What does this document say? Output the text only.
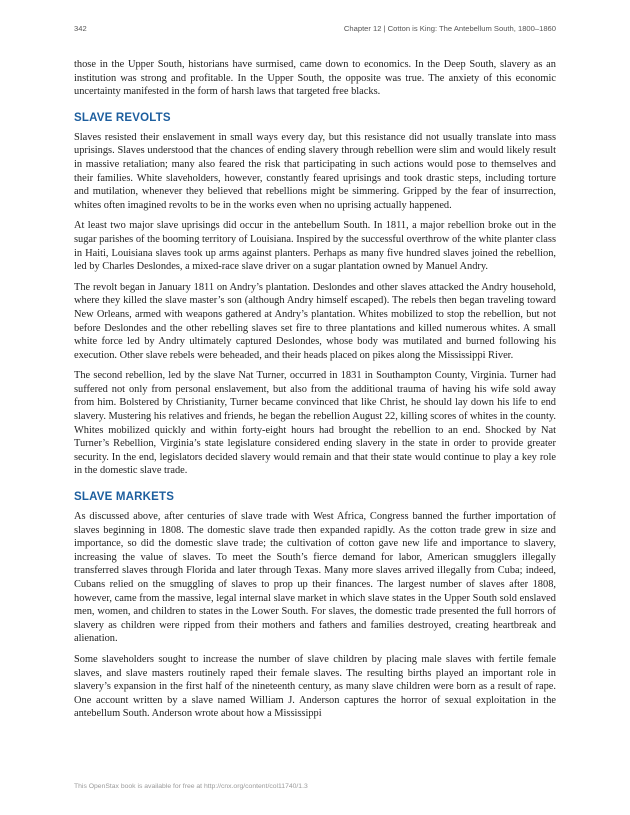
342	Chapter 12 | Cotton is King: The Antebellum South, 1800–1860

those in the Upper South, historians have surmised, came down to economics. In the Deep South, slavery as an institution was strong and profitable. In the Upper South, the opposite was true. The anxiety of this economic uncertainty manifested in the form of harsh laws that targeted free blacks.

SLAVE REVOLTS

Slaves resisted their enslavement in small ways every day, but this resistance did not usually translate into mass uprisings. Slaves understood that the chances of ending slavery through rebellion were slim and would likely result in massive retaliation; many also feared the risk that participating in such actions would pose to themselves and their families. White slaveholders, however, constantly feared uprisings and took drastic steps, including torture and mutilation, whenever they believed that rebellions might be simmering. Gripped by the fear of insurrection, whites often imagined revolts to be in the works even when no uprising actually happened.

At least two major slave uprisings did occur in the antebellum South. In 1811, a major rebellion broke out in the sugar parishes of the booming territory of Louisiana. Inspired by the successful overthrow of the white planter class in Haiti, Louisiana slaves took up arms against planters. Perhaps as many five hundred slaves joined the rebellion, led by Charles Deslondes, a mixed-race slave driver on a sugar plantation owned by Manuel Andry.

The revolt began in January 1811 on Andry’s plantation. Deslondes and other slaves attacked the Andry household, where they killed the slave master’s son (although Andry himself escaped). The rebels then began traveling toward New Orleans, armed with weapons gathered at Andry’s plantation. Whites mobilized to stop the rebellion, but not before Deslondes and the other rebelling slaves set fire to three plantations and killed numerous whites. A small white force led by Andry ultimately captured Deslondes, whose body was mutilated and burned following his execution. Other slave rebels were beheaded, and their heads placed on pikes along the Mississippi River.

The second rebellion, led by the slave Nat Turner, occurred in 1831 in Southampton County, Virginia. Turner had suffered not only from personal enslavement, but also from the additional trauma of having his wife sold away from him. Bolstered by Christianity, Turner became convinced that like Christ, he should lay down his life to end slavery. Mustering his relatives and friends, he began the rebellion August 22, killing scores of whites in the county. Whites mobilized quickly and within forty-eight hours had brought the rebellion to an end. Shocked by Nat Turner’s Rebellion, Virginia’s state legislature considered ending slavery in the state in order to provide greater security. In the end, legislators decided slavery would remain and that their state would continue to play a key role in the domestic slave trade.

SLAVE MARKETS

As discussed above, after centuries of slave trade with West Africa, Congress banned the further importation of slaves beginning in 1808. The domestic slave trade then expanded rapidly. As the cotton trade grew in size and importance, so did the domestic slave trade; the cultivation of cotton gave new life and importance to slavery, increasing the value of slaves. To meet the South’s fierce demand for labor, American smugglers illegally transferred slaves through Florida and later through Texas. Many more slaves arrived illegally from Cuba; indeed, Cubans relied on the smuggling of slaves to prop up their finances. The largest number of slaves after 1808, however, came from the massive, legal internal slave market in which slave states in the Upper South sold enslaved men, women, and children to states in the Lower South. For slaves, the domestic trade presented the full horrors of slavery as children were ripped from their mothers and fathers and families destroyed, creating heartbreak and alienation.

Some slaveholders sought to increase the number of slave children by placing male slaves with fertile female slaves, and slave masters routinely raped their female slaves. The resulting births played an important role in slavery’s expansion in the first half of the nineteenth century, as many slave children were born as a result of rape. One account written by a slave named William J. Anderson captures the horror of sexual exploitation in the antebellum South. Anderson wrote about how a Mississippi

This OpenStax book is available for free at http://cnx.org/content/col11740/1.3
